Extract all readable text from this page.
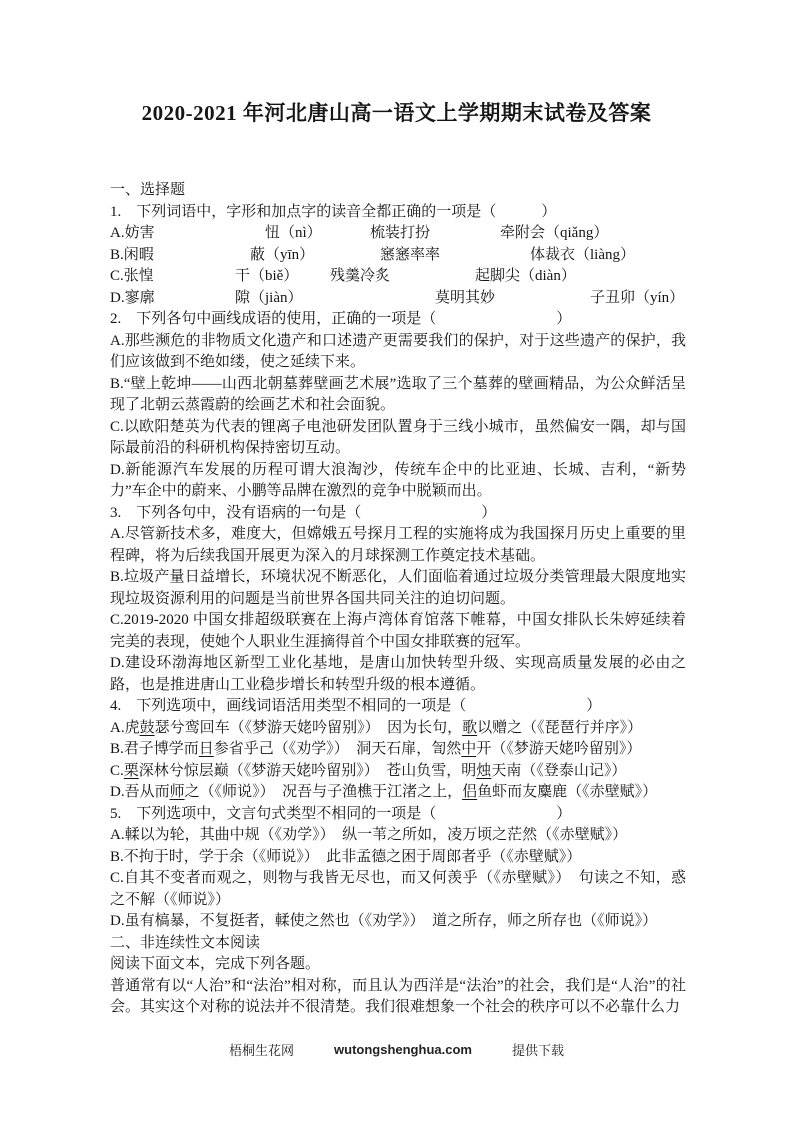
2020-2021 年河北唐山高一语文上学期期末试卷及答案
一、选择题
1.　下列词语中，字形和加点字的读音全都正确的一项是（　　　）
A.妨害	忸（nì）	梳装打扮	牵附会（qiǎng）
B.闲暇	蔽（yīn）	窸窸率率	体裁衣（liàng）
C.张惶	干（biě） 残羹冷炙	起脚尖（diàn）
D.寥廓	隙（jiàn）	莫明其妙	子丑卯（yín）
2.　下列各句中画线成语的使用，正确的一项是（　　　　　　　　）
A.那些濒危的非物质文化遗产和口述遗产更需要我们的保护，对于这些遗产的保护，我们应该做到不绝如缕，使之延续下来。
B.“壁上乾坤——山西北朝墓葬壁画艺术展”选取了三个墓葬的壁画精品，为公众鲜活呈现了北朝云蒸霞蔚的绘画艺术和社会面貌。
C.以欧阳楚英为代表的锂离子电池研发团队置身于三线小城市，虽然偏安一隅，却与国际最前沿的科研机构保持密切互动。
D.新能源汽车发展的历程可谓大浪淘沙，传统车企中的比亚迪、长城、吉利，“新势力”车企中的蔚来、小鹏等品牌在激烈的竞争中脱颖而出。
3.　下列各句中，没有语病的一句是（　　　　　　　　）
A.尽管新技术多，难度大，但嫦娥五号探月工程的实施将成为我国探月历史上重要的里程碑，将为后续我国开展更为深入的月球探测工作奠定技术基础。
B.垃圾产量日益增长，环境状况不断恶化，人们面临着通过垃圾分类管理最大限度地实现垃圾资源利用的问题是当前世界各国共同关注的迫切问题。
C.2019-2020 中国女排超级联赛在上海卢湾体育馆落下帷幕，中国女排队长朱婷延续着完美的表现，使她个人职业生涯摘得首个中国女排联赛的冠军。
D.建设环渤海地区新型工业化基地，是唐山加快转型升级、实现高质量发展的必由之路，也是推进唐山工业稳步增长和转型升级的根本遵循。
4.　下列选项中，画线词语活用类型不相同的一项是（　　　　　　　　）
A.虎鼓瑟兮鸾回车（《梦游天姥吟留别》）　因为长句，歌以赠之（《琵琶行并序》）
B.君子博学而日参省乎己（《劝学》）　洞天石扉，訇然中开（《梦游天姥吟留别》）
C.栗深林兮惊层巅（《梦游天姥吟留别》）　苍山负雪，明烛天南（《登泰山记》）
D.吾从而师之（《师说》）　况吾与子渔樵于江渚之上，侣鱼虾而友麋鹿（《赤壁赋》）
5.　下列选项中，文言句式类型不相同的一项是（　　　　　　　　）
A.輮以为轮，其曲中规（《劝学》）　纵一苇之所如，凌万顷之茫然（《赤壁赋》）
B.不拘于时，学于余（《师说》）　此非孟德之困于周郎者乎（《赤壁赋》）
C.自其不变者而观之，则物与我皆无尽也，而又何羡乎（《赤壁赋》）　句读之不知，惑之不解（《师说》）
D.虽有槁暴，不复挺者，輮使之然也（《劝学》）　道之所存，师之所存也（《师说》）
二、非连续性文本阅读
阅读下面文本，完成下列各题。
普通常有以“人治”和“法治”相对称，而且认为西洋是“法治”的社会，我们是“人治”的社会。其实这个对称的说法并不很清楚。我们很难想象一个社会的秩序可以不必靠什么力
梧桐生花网	wutongshenghua.com	提供下载
